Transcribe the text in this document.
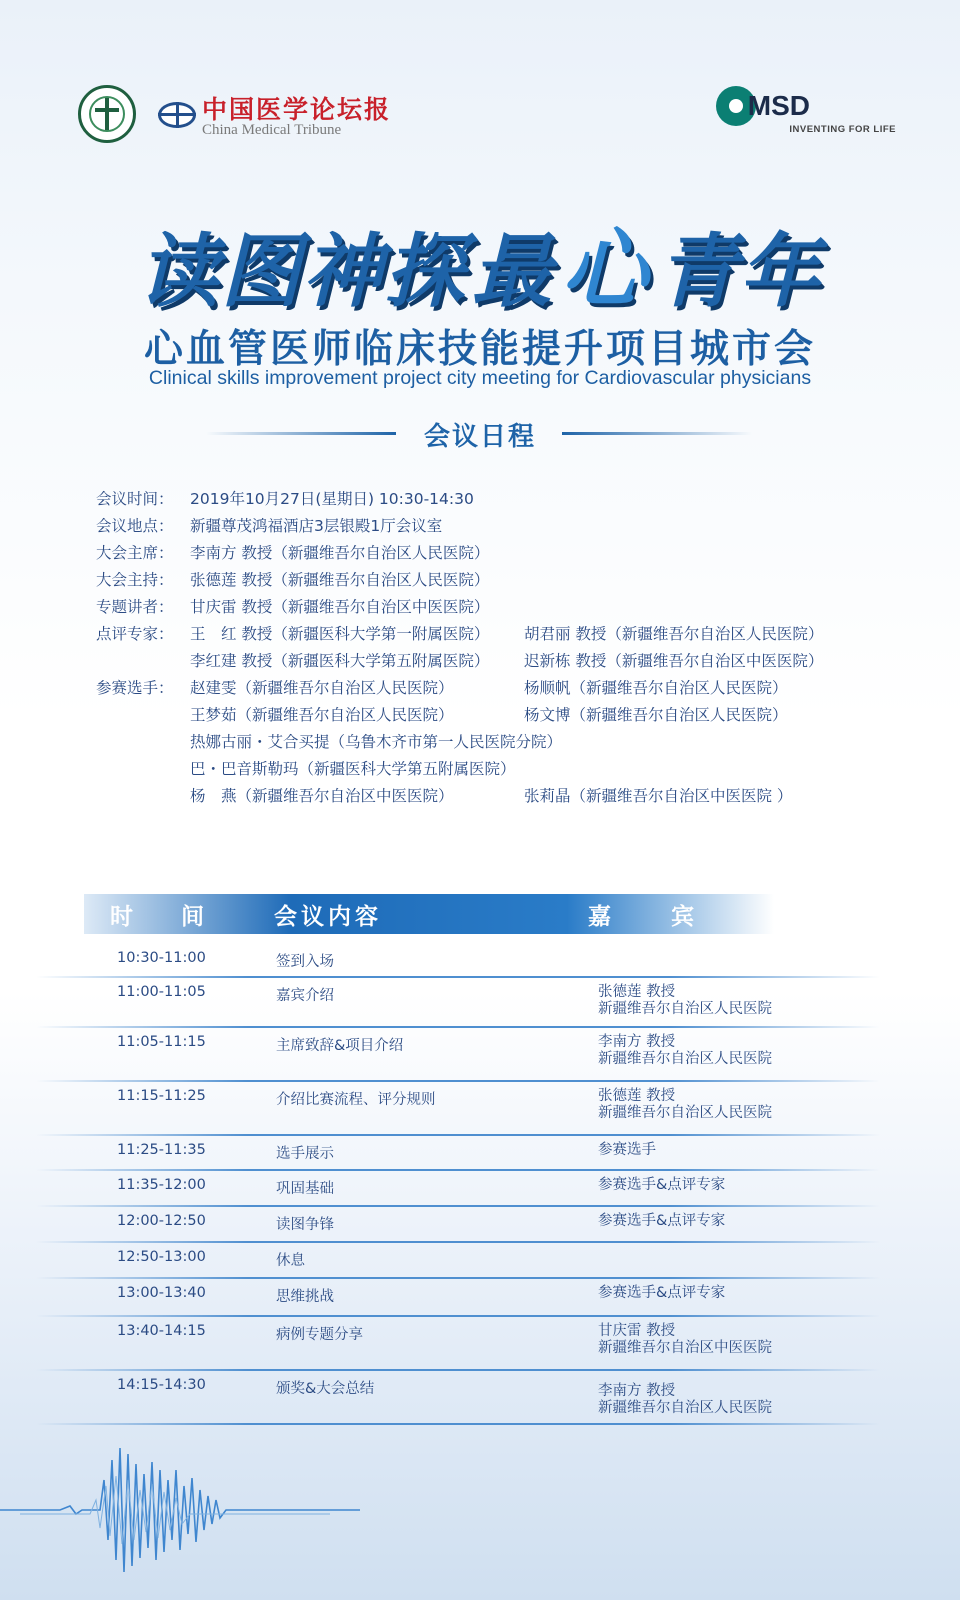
中国医学论坛报
China Medical Tribune
MSD
INVENTING FOR LIFE
读图神探 最心 青年
心血管医师临床技能提升项目城市会
Clinical skills improvement project city meeting for Cardiovascular physicians
会议日程
会议时间：	2019年10月27日(星期日) 10:30-14:30
会议地点：	新疆尊茂鸿福酒店3层银殿1厅会议室
大会主席：	李南方 教授（新疆维吾尔自治区人民医院）
大会主持：	张德莲 教授（新疆维吾尔自治区人民医院）
专题讲者：	甘庆雷 教授（新疆维吾尔自治区中医医院）
点评专家：	王　红 教授（新疆医科大学第一附属医院）	胡君丽 教授（新疆维吾尔自治区人民医院）
李红建 教授（新疆医科大学第五附属医院）	迟新栋 教授（新疆维吾尔自治区中医医院）
参赛选手：	赵建雯（新疆维吾尔自治区人民医院）	杨顺帆（新疆维吾尔自治区人民医院）
王梦茹（新疆维吾尔自治区人民医院）	杨文博（新疆维吾尔自治区人民医院）
热娜古丽・艾合买提（乌鲁木齐市第一人民医院分院）
巴・巴音斯勒玛（新疆医科大学第五附属医院）
杨　燕（新疆维吾尔自治区中医医院）	张莉晶（新疆维吾尔自治区中医医院 ）
时间 会议内容	嘉宾
10:30-11:00	签到入场
11:00-11:05	嘉宾介绍	张德莲 教授
新疆维吾尔自治区人民医院
11:05-11:15	主席致辞&项目介绍	李南方 教授
新疆维吾尔自治区人民医院
11:15-11:25	介绍比赛流程、评分规则	张德莲 教授
新疆维吾尔自治区人民医院
11:25-11:35	选手展示	参赛选手
11:35-12:00	巩固基础	参赛选手&点评专家
12:00-12:50	读图争锋	参赛选手&点评专家
12:50-13:00	休息
13:00-13:40	思维挑战	参赛选手&点评专家
13:40-14:15	病例专题分享	甘庆雷 教授
新疆维吾尔自治区中医医院
14:15-14:30	颁奖&大会总结	李南方 教授
新疆维吾尔自治区人民医院
